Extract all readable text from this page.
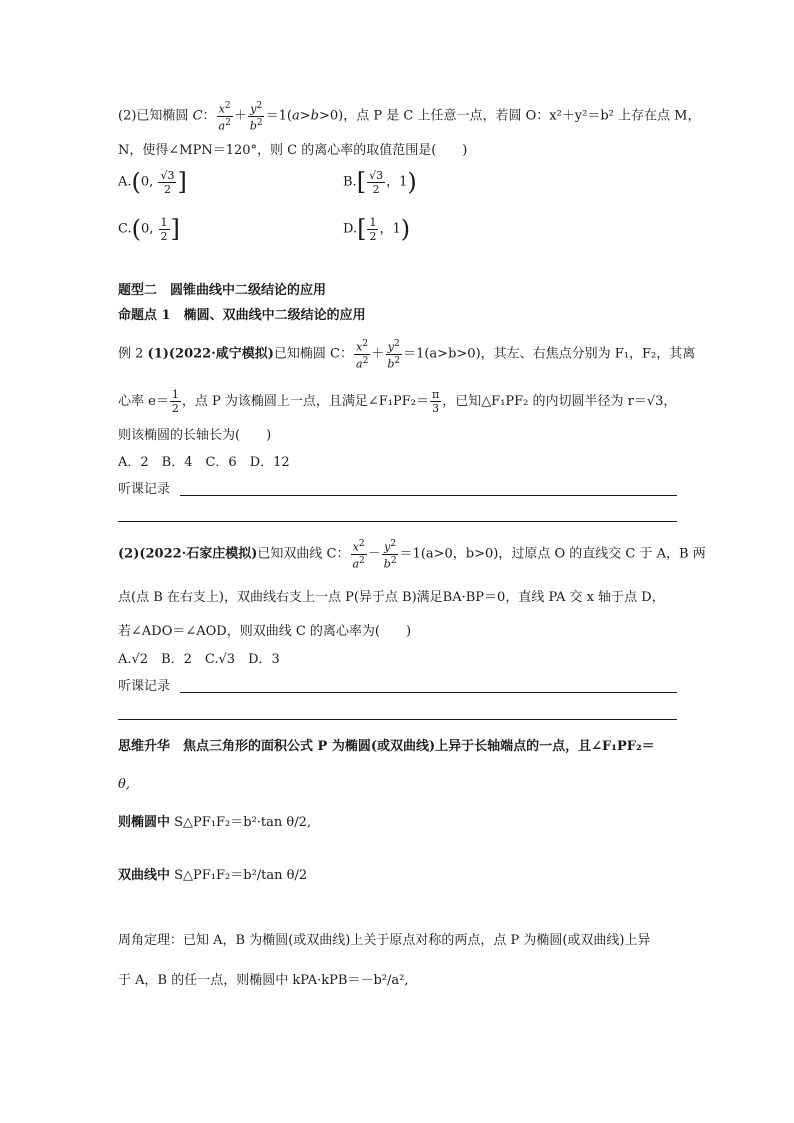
(2)已知椭圆 C： $\frac{x^2}{a^2} + \frac{y^2}{b^2} =1(a>b>0)$，点 P 是 C 上任意一点，若圆 O：x²＋y²＝b² 上存在点 M，
N，使得∠MPN＝120°，则 C 的离心率的取值范围是(　　)
A.(0, $\frac{√3}{2}$ ]	$B.[ \frac{√3}{2}$ ，1)
C.(0, $\frac{1}{2}$ ]	$D.[ \frac{1}{2}$ ，1)
题型二　圆锥曲线中二级结论的应用
命题点 1　椭圆、双曲线中二级结论的应用
例 2 (1)(2022·咸宁模拟)已知椭圆 C： $\frac{x^2}{a^2} + \frac{y^2}{b^2} =1(a>b>0)$，其左、右焦点分别为 F₁，F₂，其离
心率 $e= \frac{1}{2}$ ，点 P 为该椭圆上一点，且满足∠F₁PF₂＝ $\frac{\pi}{3}$ ，已知△F₁PF₂ 的内切圆半径为 r＝√3，
则该椭圆的长轴长为(　　)
A．2　B．4　C．6　D．12
听课记录
(2)(2022·石家庄模拟)已知双曲线 C： $\frac{x^2}{a^2} - \frac{y^2}{b^2} =1(a>0$，b>0)，过原点 O 的直线交 C 于 A，B 两
点(点 B 在右支上)，双曲线右支上一点 P(异于点 B)满足BA·BP＝0，直线 PA 交 x 轴于点 D，
若∠ADO＝∠AOD，则双曲线 C 的离心率为(　　)
A.√2　B．2　C.√3　D．3
听课记录
思维升华　焦点三角形的面积公式 P 为椭圆(或双曲线)上异于长轴端点的一点，且∠F₁PF₂＝
θ,
则椭圆中 S△PF₁F₂＝b²·tan θ/2,
双曲线中 S△PF₁F₂＝b²/tan θ/2
周角定理：已知 A，B 为椭圆(或双曲线)上关于原点对称的两点，点 P 为椭圆(或双曲线)上异
于 A，B 的任一点，则椭圆中 kPA·kPB＝－b²/a²,
